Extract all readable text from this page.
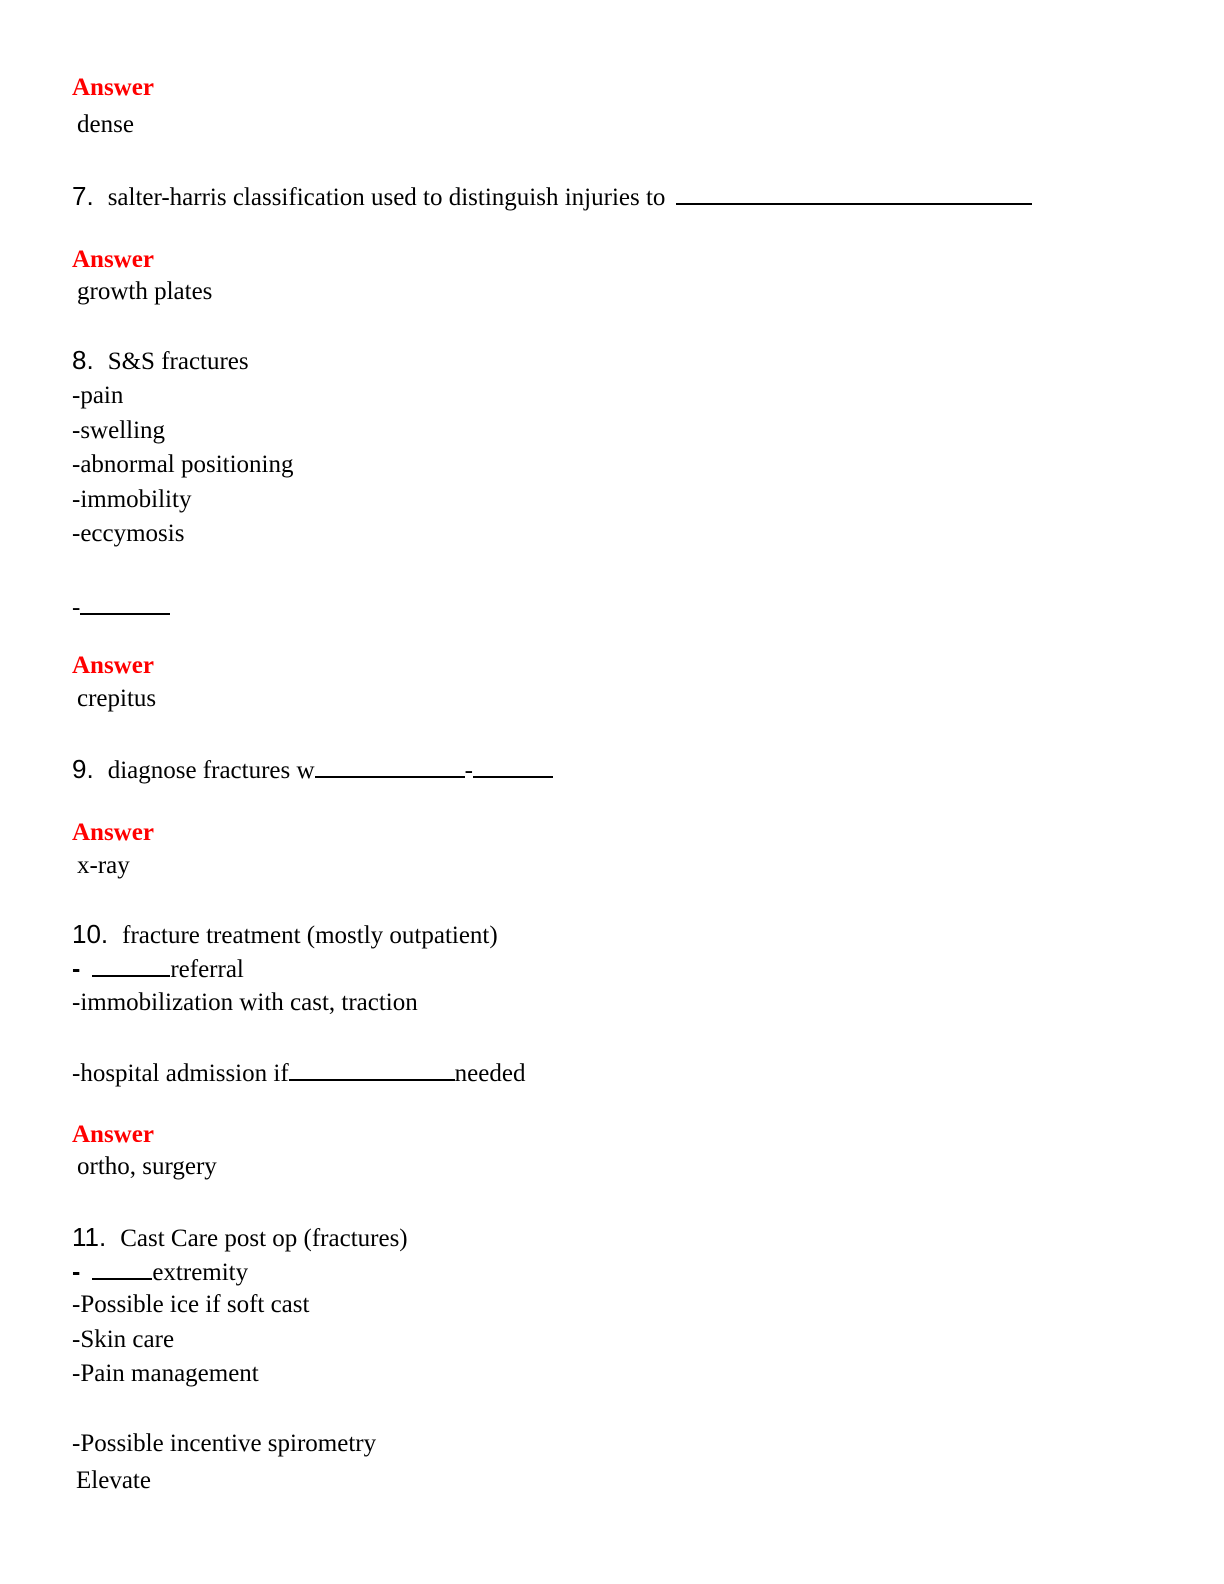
Answer
dense
7. salter-harris classification used to distinguish injuries to
Answer
growth plates
8. S&S fractures
-pain
-swelling
-abnormal positioning
-immobility
-eccymosis
-
Answer
crepitus
9. diagnose fractures w	-
Answer
x-ray
10. fracture treatment (mostly outpatient)
-	referral
-immobilization with cast, traction
-hospital admission if	needed
Answer
ortho, surgery
11. Cast Care post op (fractures)
-	extremity
-Possible ice if soft cast
-Skin care
-Pain management
-Possible incentive spirometry
Elevate
